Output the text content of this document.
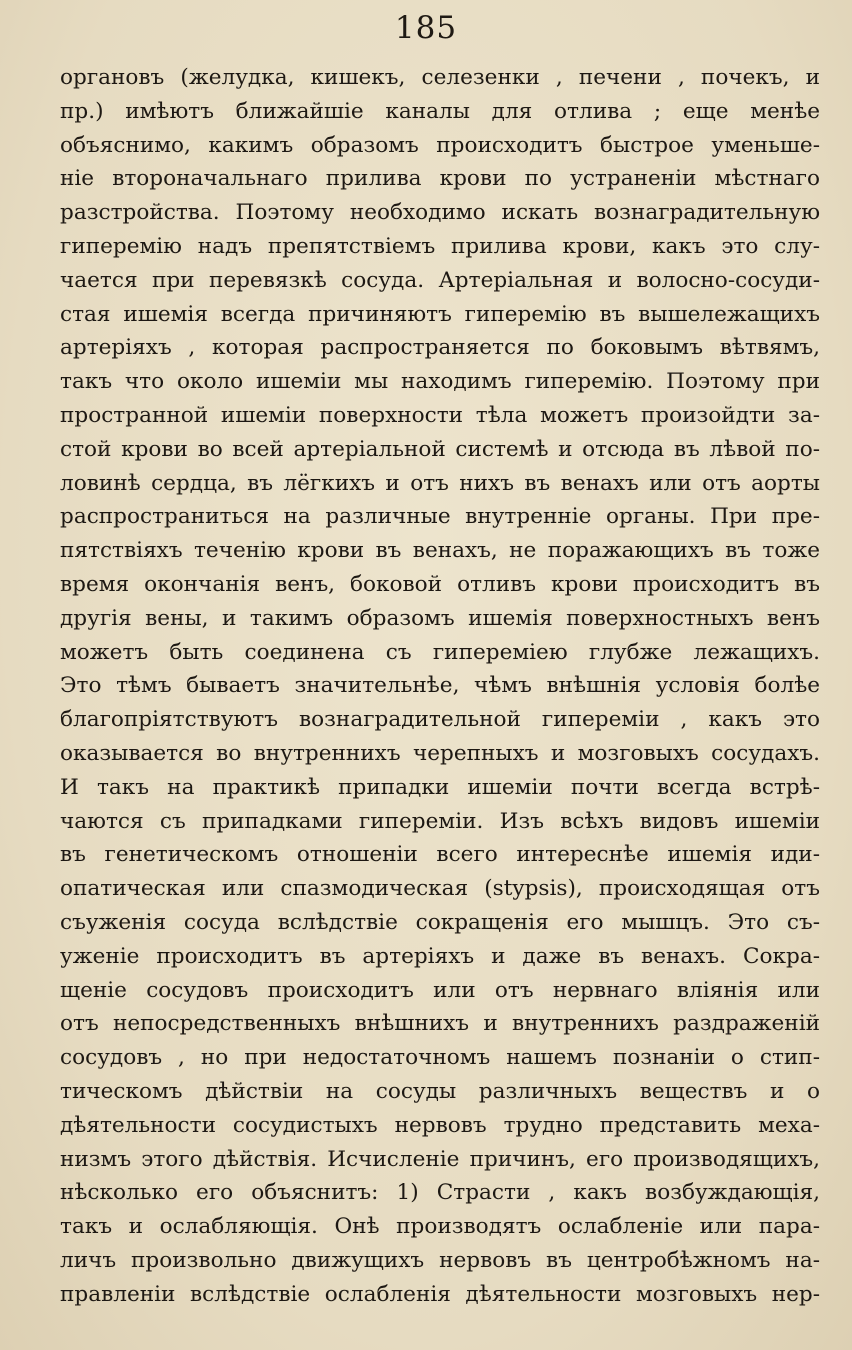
185
органовъ (желудка, кишекъ, селезенки , печени , почекъ, и
пр.) имѣютъ ближайшіе каналы для отлива ; еще менѣе
объяснимо, какимъ образомъ происходитъ быстрое уменьше-
ніе второначальнаго прилива крови по устраненіи мѣстнаго
разстройства. Поэтому необходимо искать вознаградительную
гиперемію надъ препятствіемъ прилива крови, какъ это слу-
чается при перевязкѣ сосуда. Артеріальная и волосно-сосуди-
стая ишемія всегда причиняютъ гиперемію въ вышележащихъ
артеріяхъ , которая распространяется по боковымъ вѣтвямъ,
такъ что около ишеміи мы находимъ гиперемію. Поэтому при
пространной ишеміи поверхности тѣла можетъ произойдти за-
стой крови во всей артеріальной системѣ и отсюда въ лѣвой по-
ловинѣ сердца, въ лёгкихъ и отъ нихъ въ венахъ или отъ аорты
распространиться на различные внутренніе органы. При пре-
пятствіяхъ теченію крови въ венахъ, не поражающихъ въ тоже
время окончанія венъ, боковой отливъ крови происходитъ въ
другія вены, и такимъ образомъ ишемія поверхностныхъ венъ
можетъ быть соединена съ гипереміею глубже лежащихъ.
Это тѣмъ бываетъ значительнѣе, чѣмъ внѣшнія условія болѣе
благопріятствуютъ вознаградительной гипереміи , какъ это
оказывается во внутреннихъ черепныхъ и мозговыхъ сосудахъ.
И такъ на практикѣ припадки ишеміи почти всегда встрѣ-
чаются съ припадками гипереміи. Изъ всѣхъ видовъ ишеміи
въ генетическомъ отношеніи всего интереснѣе ишемія иди-
опатическая или спазмодическая (stypsis), происходящая отъ
съуженія сосуда вслѣдствіе сокращенія его мышцъ. Это съ-
уженіе происходитъ въ артеріяхъ и даже въ венахъ. Сокра-
щеніе сосудовъ происходитъ или отъ нервнаго вліянія или
отъ непосредственныхъ внѣшнихъ и внутреннихъ раздраженій
сосудовъ , но при недостаточномъ нашемъ познаніи о стип-
тическомъ дѣйствіи на сосуды различныхъ веществъ и о
дѣятельности сосудистыхъ нервовъ трудно представить меха-
низмъ этого дѣйствія. Исчисленіе причинъ, его производящихъ,
нѣсколько его объяснитъ: 1) Страсти , какъ возбуждающія,
такъ и ослабляющія. Онѣ производятъ ослабленіе или пара-
личъ произвольно движущихъ нервовъ въ центробѣжномъ на-
правленіи вслѣдствіе ослабленія дѣятельности мозговыхъ нер-
